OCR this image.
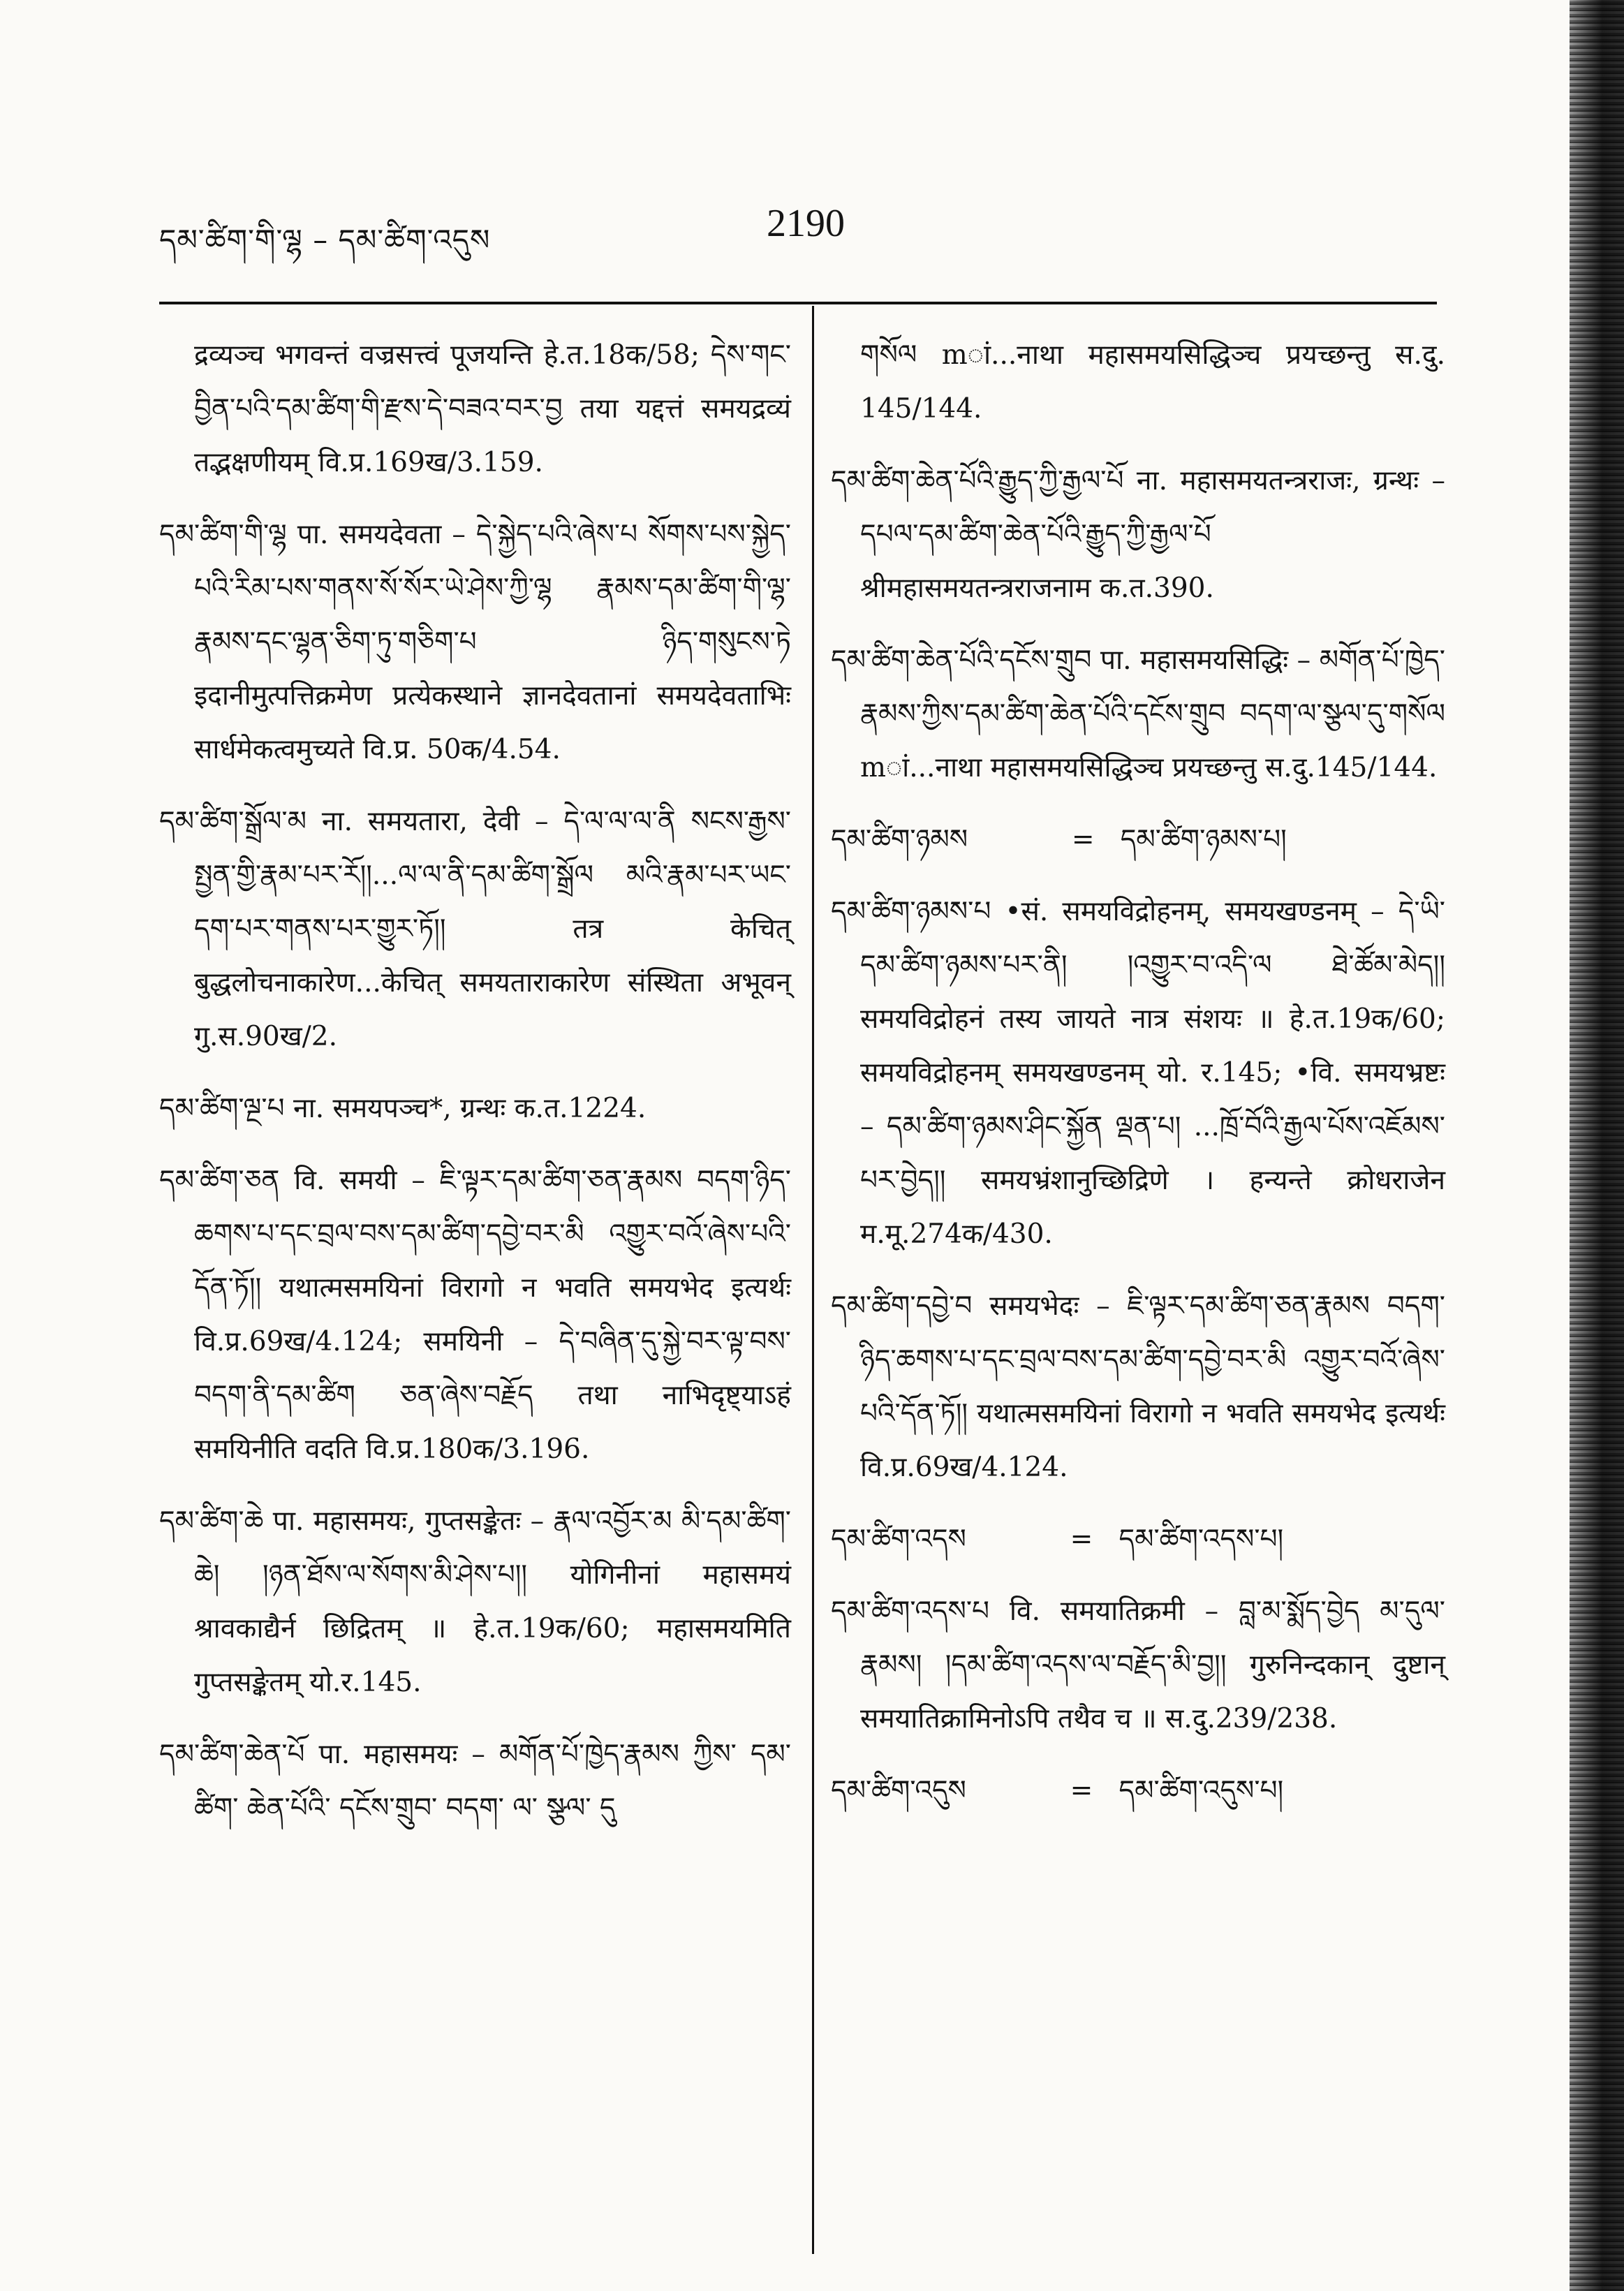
དམ་ཚིག་གི་ལྷ – དམ་ཚིག་འདུས	2190

द्रव्यञ्च भगवन्तं वज्रसत्त्वं पूजयन्ति हे.त.18क/58; དེས་གང་བྱིན་པའི་དམ་ཚིག་གི་རྫས་དེ་བཟའ་བར་བྱ तया यद्दत्तं समयद्रव्यं तद्भक्षणीयम् वि.प्र.169ख/3.159.

དམ་ཚིག་གི་ལྷ पा. समयदेवता – དེ་སྐྱེད་པའི་ཞེས་པ སོགས་པས་སྐྱེད་པའི་རིམ་པས་གནས་སོ་སོར་ཡེ་ཤེས་ཀྱི་ལྷ རྣམས་དམ་ཚིག་གི་ལྷ་རྣམས་དང་ལྷན་ཅིག་ཏུ་གཅིག་པ ཉིད་གསུངས་ཏེ इदानीमुत्पत्तिक्रमेण प्रत्येकस्थाने ज्ञानदेवतानां समयदेवताभिः सार्धमेकत्वमुच्यते वि.प्र. 50क/4.54.

དམ་ཚིག་སྒྲོལ་མ ना. समयतारा, देवी – དེ་ལ་ལ་ལ་ནི སངས་རྒྱས་སྤྱན་གྱི་རྣམ་པར་རོ།།...ལ་ལ་ནི་དམ་ཚིག་སྒྲོལ མའི་རྣམ་པར་ཡང་དག་པར་གནས་པར་གྱུར་ཏོ།། तत्र केचित् बुद्धलोचनाकारेण...केचित् समयताराकारेण संस्थिता अभूवन् गु.स.90ख/2.

དམ་ཚིག་ལྔ་པ ना. समयपञ्च*, ग्रन्थः क.त.1224.

དམ་ཚིག་ཅན वि. समयी – ཇི་ལྟར་དམ་ཚིག་ཅན་རྣམས བདག་ཉིད་ཆགས་པ་དང་བྲལ་བས་དམ་ཚིག་དབྱེ་བར་མི འགྱུར་བའོ་ཞེས་པའི་དོན་ཏོ།། यथात्मसमयिनां विरागो न भवति समयभेद इत्यर्थः वि.प्र.69ख/4.124; समयिनी – དེ་བཞིན་དུ་སྐྱེ་བར་ལྟ་བས་བདག་ནི་དམ་ཚིག ཅན་ཞེས་བརྗོད तथा नाभिदृष्ट्याऽहं समयिनीति वदति वि.प्र.180क/3.196.

དམ་ཚིག་ཆེ पा. महासमयः, गुप्तसङ्केतः – རྣལ་འབྱོར་མ མི་དམ་ཚིག་ཆེ། །ཉན་ཐོས་ལ་སོགས་མི་ཤེས་པ།། योगिनीनां महासमयं श्रावकाद्यैर्न छिद्रितम् ॥ हे.त.19क/60; महासमयमिति गुप्तसङ्केतम् यो.र.145.

དམ་ཚིག་ཆེན་པོ पा. महासमयः – མགོན་པོ་ཁྱེད་རྣམས ཀྱིས་ དམ་ཚིག་ ཆེན་པོའི་ དངོས་གྲུབ་ བདག་ ལ་ སྩལ་ དུ

གསོལ mां...नाथा महासमयसिद्धिञ्च प्रयच्छन्तु स.दु. 145/144.

དམ་ཚིག་ཆེན་པོའི་རྒྱུད་ཀྱི་རྒྱལ་པོ ना. महासमयतन्त्रराजः, ग्रन्थः – དཔལ་དམ་ཚིག་ཆེན་པོའི་རྒྱུད་ཀྱི་རྒྱལ་པོ श्रीमहासमयतन्त्रराजनाम क.त.390.

དམ་ཚིག་ཆེན་པོའི་དངོས་གྲུབ पा. महासमयसिद्धिः – མགོན་པོ་ཁྱེད་རྣམས་ཀྱིས་དམ་ཚིག་ཆེན་པོའི་དངོས་གྲུབ བདག་ལ་སྩལ་དུ་གསོལ mां...नाथा महासमयसिद्धिञ्च प्रयच्छन्तु स.दु.145/144.

དམ་ཚིག་ཉམས            =   དམ་ཚིག་ཉམས་པ།

དམ་ཚིག་ཉམས་པ •सं. समयविद्रोहनम्, समयखण्डनम् – དེ་ཡི་དམ་ཚིག་ཉམས་པར་ནི། །འགྱུར་བ་འདི་ལ ཐེ་ཚོམ་མེད།། समयविद्रोहनं तस्य जायते नात्र संशयः ॥ हे.त.19क/60; समयविद्रोहनम् समयखण्डनम् यो. र.145; •वि. समयभ्रष्टः – དམ་ཚིག་ཉམས་ཤིང་སྐྱོན ལྡན་པ། ...ཁྲོ་བོའི་རྒྱལ་པོས་འཇོམས་པར་བྱེད།། समयभ्रंशानुच्छिद्रिणे । हन्यन्ते क्रोधराजेन म.मू.274क/430.

དམ་ཚིག་དབྱེ་བ समयभेदः – ཇི་ལྟར་དམ་ཚིག་ཅན་རྣམས བདག་ཉིད་ཆགས་པ་དང་བྲལ་བས་དམ་ཚིག་དབྱེ་བར་མི འགྱུར་བའོ་ཞེས་པའི་དོན་ཏོ།། यथात्मसमयिनां विरागो न भवति समयभेद इत्यर्थः वि.प्र.69ख/4.124.

དམ་ཚིག་འདས            =   དམ་ཚིག་འདས་པ།

དམ་ཚིག་འདས་པ वि. समयातिक्रमी – བླ་མ་སྨོད་བྱེད མ་དུལ་རྣམས། །དམ་ཚིག་འདས་ལ་བརྗོད་མི་བྱ།། गुरुनिन्दकान् दुष्टान् समयातिक्रामिनोऽपि तथैव च ॥ स.दु.239/238.

དམ་ཚིག་འདུས            =   དམ་ཚིག་འདུས་པ།
